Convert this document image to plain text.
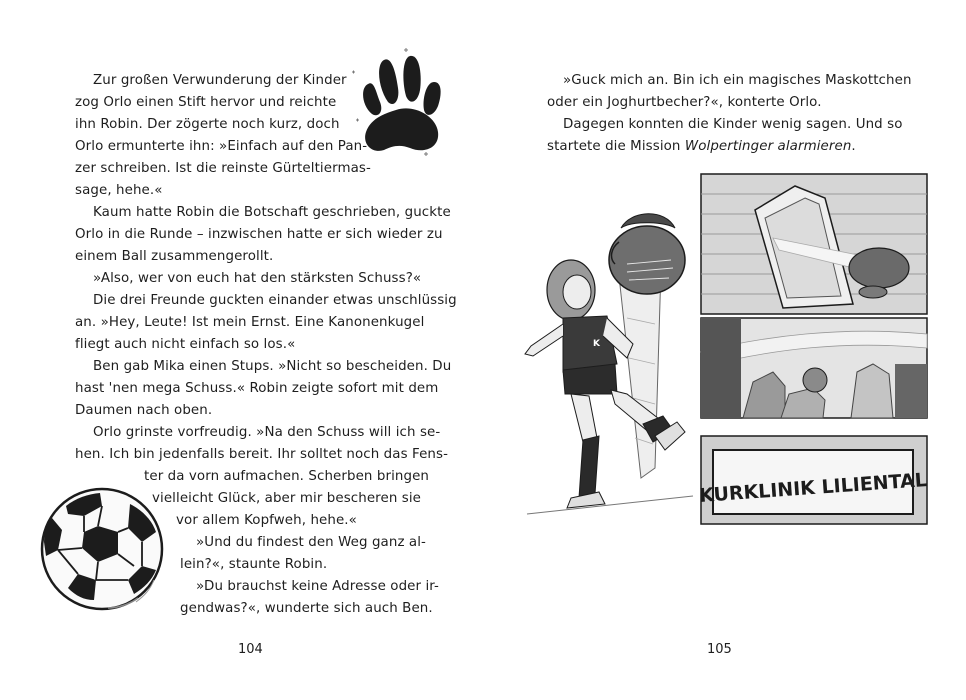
Zur großen Verwunderung der Kinder
zog Orlo einen Stift hervor und reichte
ihn Robin. Der zögerte noch kurz, doch
Orlo ermunterte ihn: »Einfach auf den Pan-
zer schreiben. Ist die reinste Gürteltiermas-
sage, hehe.«
Kaum hatte Robin die Botschaft geschrieben, guckte
Orlo in die Runde – inzwischen hatte er sich wieder zu
einem Ball zusammengerollt.
»Also, wer von euch hat den stärksten Schuss?«
Die drei Freunde guckten einander etwas unschlüssig
an. »Hey, Leute! Ist mein Ernst. Eine Kanonenkugel
fliegt auch nicht einfach so los.«
Ben gab Mika einen Stups. »Nicht so bescheiden. Du
hast 'nen mega Schuss.« Robin zeigte sofort mit dem
Daumen nach oben.
Orlo grinste vorfreudig. »Na den Schuss will ich se-
hen. Ich bin jedenfalls bereit. Ihr solltet noch das Fens-
ter da vorn aufmachen. Scherben bringen
vielleicht Glück, aber mir bescheren sie
vor allem Kopfweh, hehe.«
»Und du findest den Weg ganz al-
lein?«, staunte Robin.
»Du brauchst keine Adresse oder ir-
gendwas?«, wunderte sich auch Ben.
104
»Guck mich an. Bin ich ein magisches Maskottchen
oder ein Joghurtbecher?«, konterte Orlo.
Dagegen konnten die Kinder wenig sagen. Und so
startete die Mission Wolpertinger alarmieren.
KURKLINIK LILIENTAL
K
105
